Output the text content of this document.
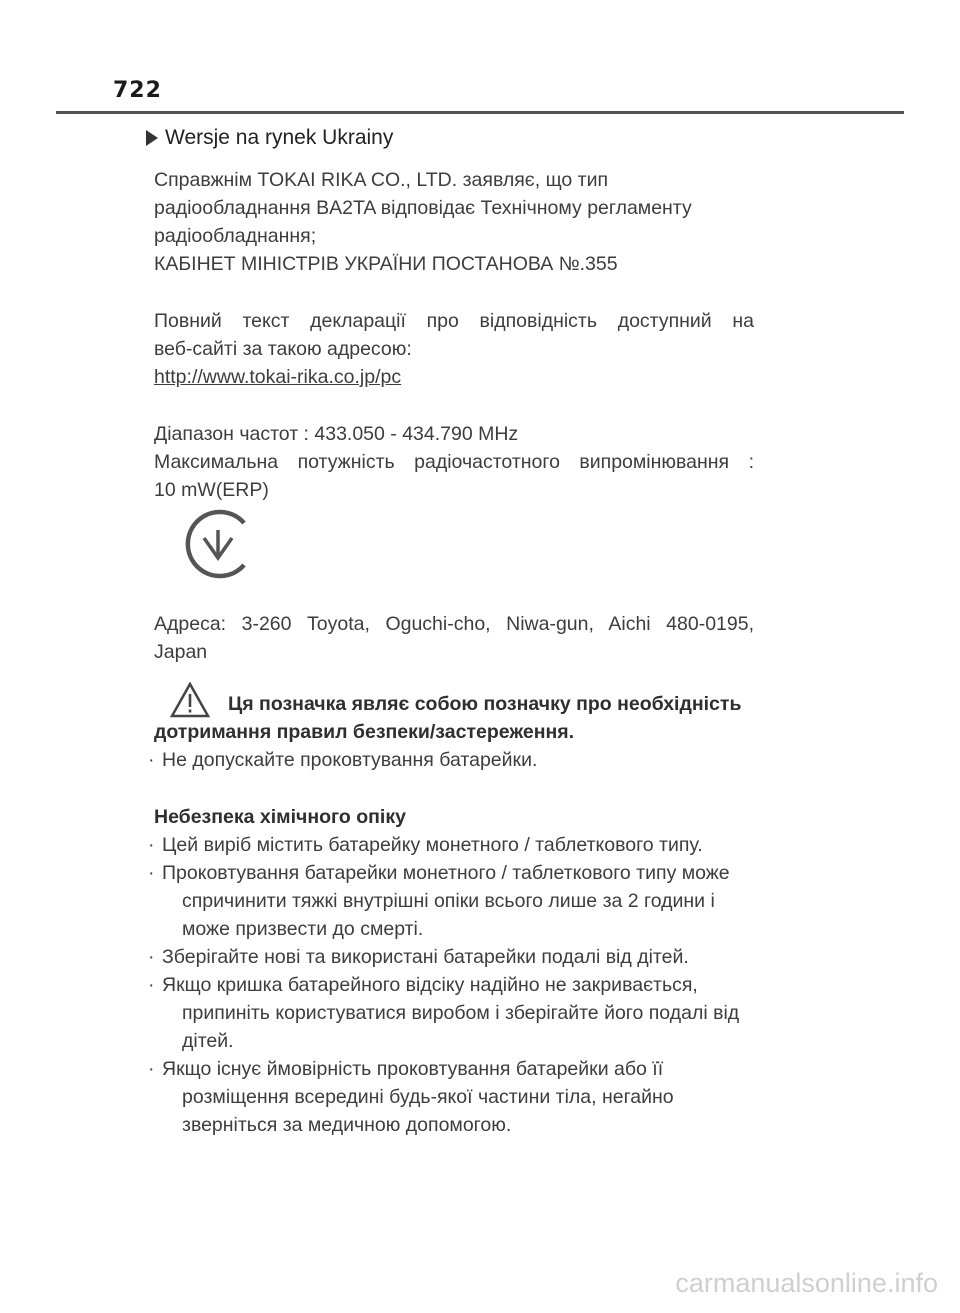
722
Wersje na rynek Ukrainy

Справжнім TOKAI RIKA CO., LTD. заявляє, що тип

радіообладнання BA2TA відповідає Технічному регламенту

радіообладнання;

КАБІНЕТ МІНІСТРІВ УКРАЇНИ ПОСТАНОВА №.355

Повний текст декларації про відповідність доступний на

веб-сайті за такою адресою:

http://www.tokai-rika.co.jp/pc

Діапазон частот : 433.050 - 434.790 MHz

Максимальна потужність радіочастотного випромінювання :

10 mW(ERP)

Адреса: 3-260 Toyota, Oguchi-cho, Niwa-gun, Aichi 480-0195,

Japan

Ця позначка являє собою позначку про необхідність

дотримання правил безпеки/застереження.

· Не допускайте проковтування батарейки.

Небезпека хімічного опіку

· Цей виріб містить батарейку монетного / таблеткового типу.
· Проковтування батарейки монетного / таблеткового типу може

спричинити тяжкі внутрішні опіки всього лише за 2 години і

може призвести до смерті.

· Зберігайте нові та використані батарейки подалі від дітей.
· Якщо кришка батарейного відсіку надійно не закривається,

припиніть користуватися виробом і зберігайте його подалі від

дітей.

· Якщо існує ймовірність проковтування батарейки або її

розміщення всередині будь-якої частини тіла, негайно

зверніться за медичною допомогою.

carmanualsonline.info
